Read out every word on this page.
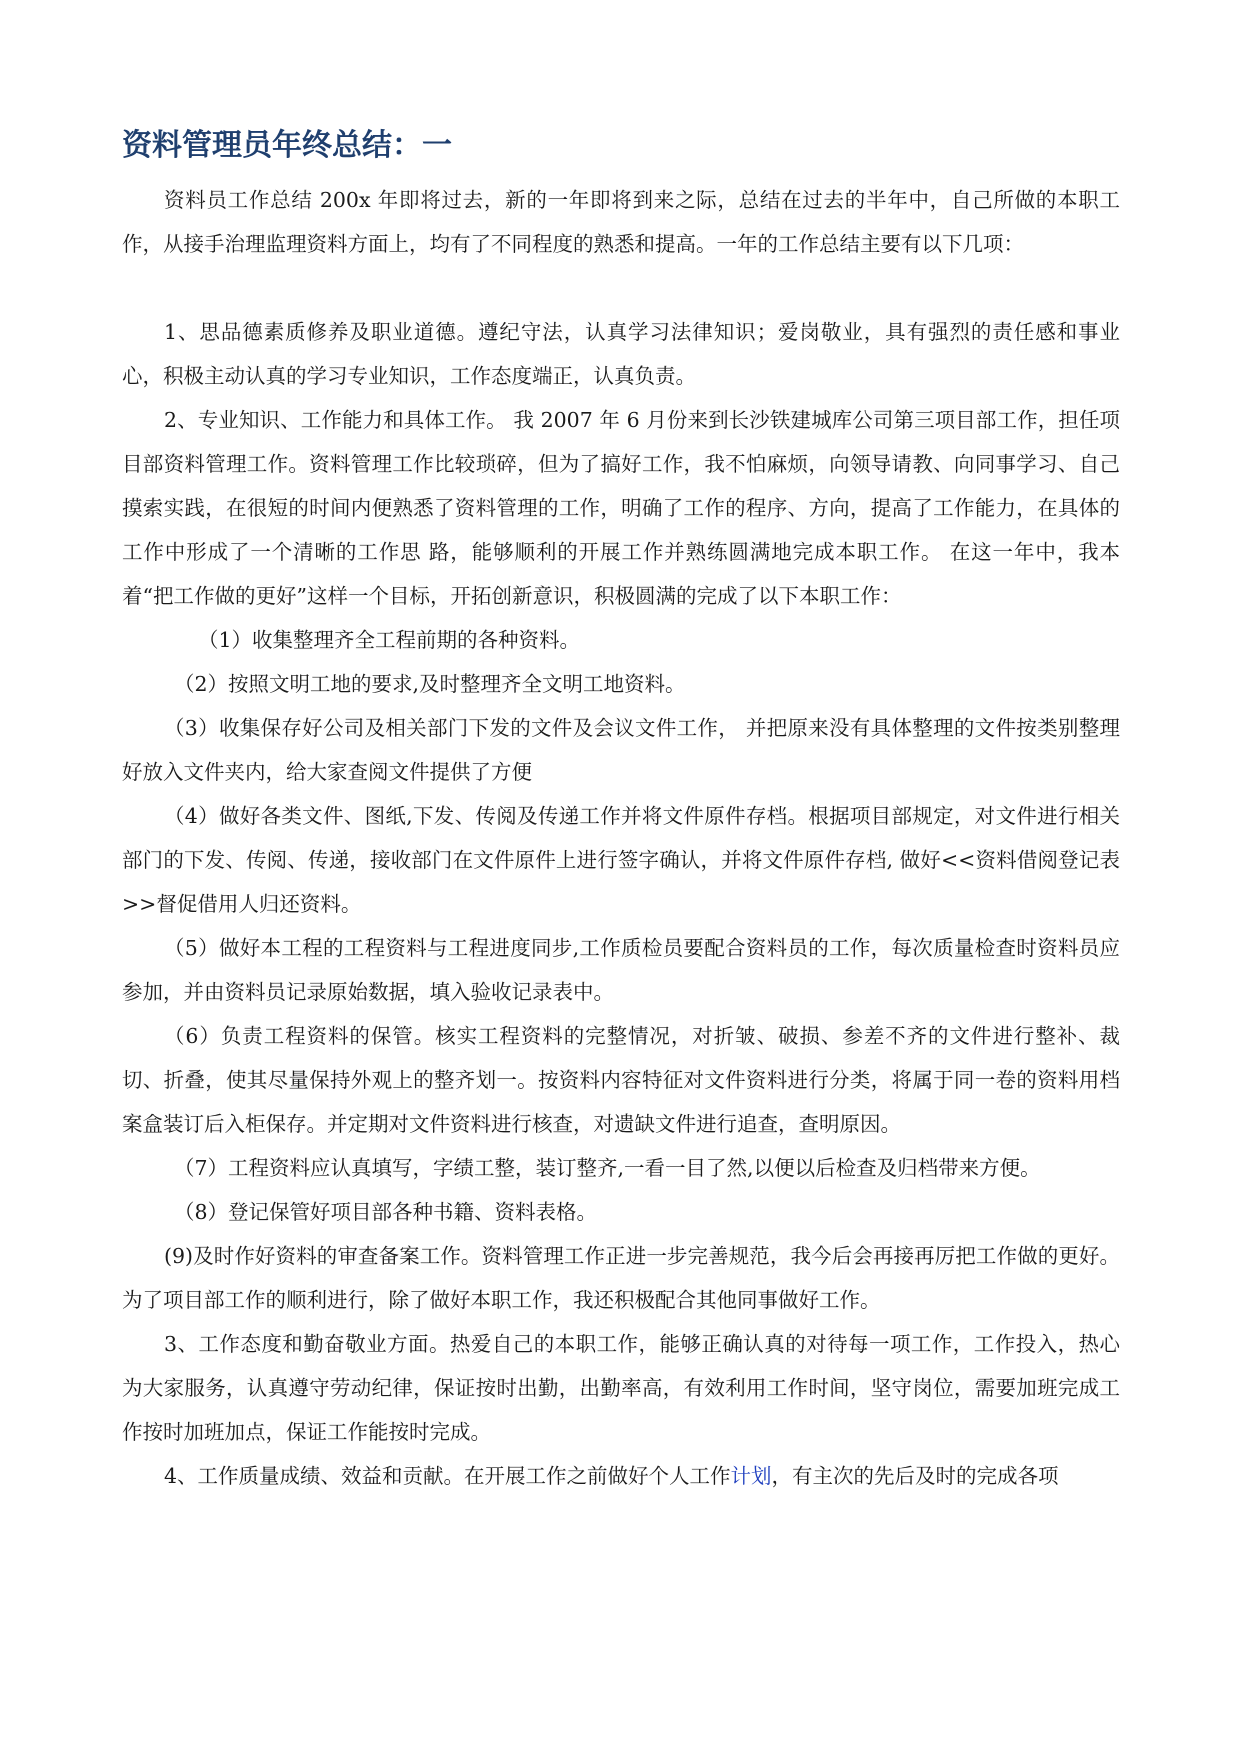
资料管理员年终总结：一

资料员工作总结 200x 年即将过去，新的一年即将到来之际，总结在过去的半年中，自己所做的本职工作，从接手治理监理资料方面上，均有了不同程度的熟悉和提高。一年的工作总结主要有以下几项：

1、思品德素质修养及职业道德。遵纪守法，认真学习法律知识；爱岗敬业，具有强烈的责任感和事业心，积极主动认真的学习专业知识，工作态度端正，认真负责。

2、专业知识、工作能力和具体工作。 我 2007 年 6 月份来到长沙铁建城库公司第三项目部工作，担任项目部资料管理工作。资料管理工作比较琐碎，但为了搞好工作，我不怕麻烦，向领导请教、向同事学习、自己摸索实践，在很短的时间内便熟悉了资料管理的工作，明确了工作的程序、方向，提高了工作能力，在具体的工作中形成了一个清晰的工作思 路，能够顺利的开展工作并熟练圆满地完成本职工作。 在这一年中，我本着“把工作做的更好”这样一个目标，开拓创新意识，积极圆满的完成了以下本职工作：

（1）收集整理齐全工程前期的各种资料。

（2）按照文明工地的要求,及时整理齐全文明工地资料。

（3）收集保存好公司及相关部门下发的文件及会议文件工作， 并把原来没有具体整理的文件按类别整理好放入文件夹内，给大家查阅文件提供了方便

（4）做好各类文件、图纸,下发、传阅及传递工作并将文件原件存档。根据项目部规定，对文件进行相关部门的下发、传阅、传递，接收部门在文件原件上进行签字确认，并将文件原件存档, 做好<<资料借阅登记表>>督促借用人归还资料。

（5）做好本工程的工程资料与工程进度同步,工作质检员要配合资料员的工作，每次质量检查时资料员应参加，并由资料员记录原始数据，填入验收记录表中。

（6）负责工程资料的保管。核实工程资料的完整情况，对折皱、破损、参差不齐的文件进行整补、裁切、折叠，使其尽量保持外观上的整齐划一。按资料内容特征对文件资料进行分类，将属于同一卷的资料用档案盒装订后入柜保存。并定期对文件资料进行核查，对遗缺文件进行追查，查明原因。

（7）工程资料应认真填写，字绩工整，装订整齐,一看一目了然,以便以后检查及归档带来方便。

（8）登记保管好项目部各种书籍、资料表格。

(9)及时作好资料的审查备案工作。资料管理工作正进一步完善规范，我今后会再接再厉把工作做的更好。为了项目部工作的顺利进行，除了做好本职工作，我还积极配合其他同事做好工作。

3、工作态度和勤奋敬业方面。热爱自己的本职工作，能够正确认真的对待每一项工作，工作投入，热心为大家服务，认真遵守劳动纪律，保证按时出勤，出勤率高，有效利用工作时间，坚守岗位，需要加班完成工作按时加班加点，保证工作能按时完成。

4、工作质量成绩、效益和贡献。在开展工作之前做好个人工作计划，有主次的先后及时的完成各项
